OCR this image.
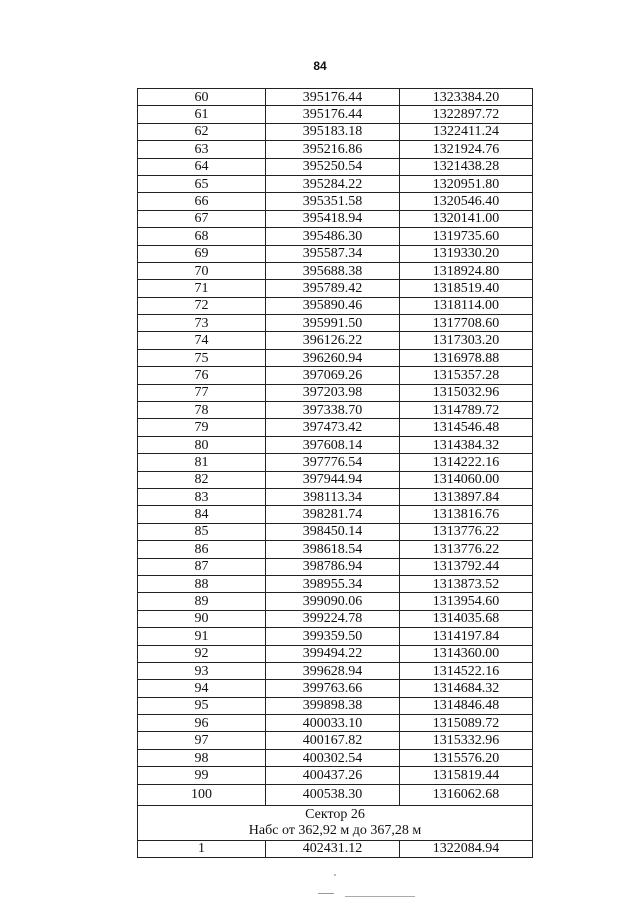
84
60	395176.44	1323384.20
61	395176.44	1322897.72
62	395183.18	1322411.24
63	395216.86	1321924.76
64	395250.54	1321438.28
65	395284.22	1320951.80
66	395351.58	1320546.40
67	395418.94	1320141.00
68	395486.30	1319735.60
69	395587.34	1319330.20
70	395688.38	1318924.80
71	395789.42	1318519.40
72	395890.46	1318114.00
73	395991.50	1317708.60
74	396126.22	1317303.20
75	396260.94	1316978.88
76	397069.26	1315357.28
77	397203.98	1315032.96
78	397338.70	1314789.72
79	397473.42	1314546.48
80	397608.14	1314384.32
81	397776.54	1314222.16
82	397944.94	1314060.00
83	398113.34	1313897.84
84	398281.74	1313816.76
85	398450.14	1313776.22
86	398618.54	1313776.22
87	398786.94	1313792.44
88	398955.34	1313873.52
89	399090.06	1313954.60
90	399224.78	1314035.68
91	399359.50	1314197.84
92	399494.22	1314360.00
93	399628.94	1314522.16
94	399763.66	1314684.32
95	399898.38	1314846.48
96	400033.10	1315089.72
97	400167.82	1315332.96
98	400302.54	1315576.20
99	400437.26	1315819.44
100	400538.30	1316062.68

Сектор 26
Набс от 362,92 м до 367,28 м		

1	402431.12	1322084.94
